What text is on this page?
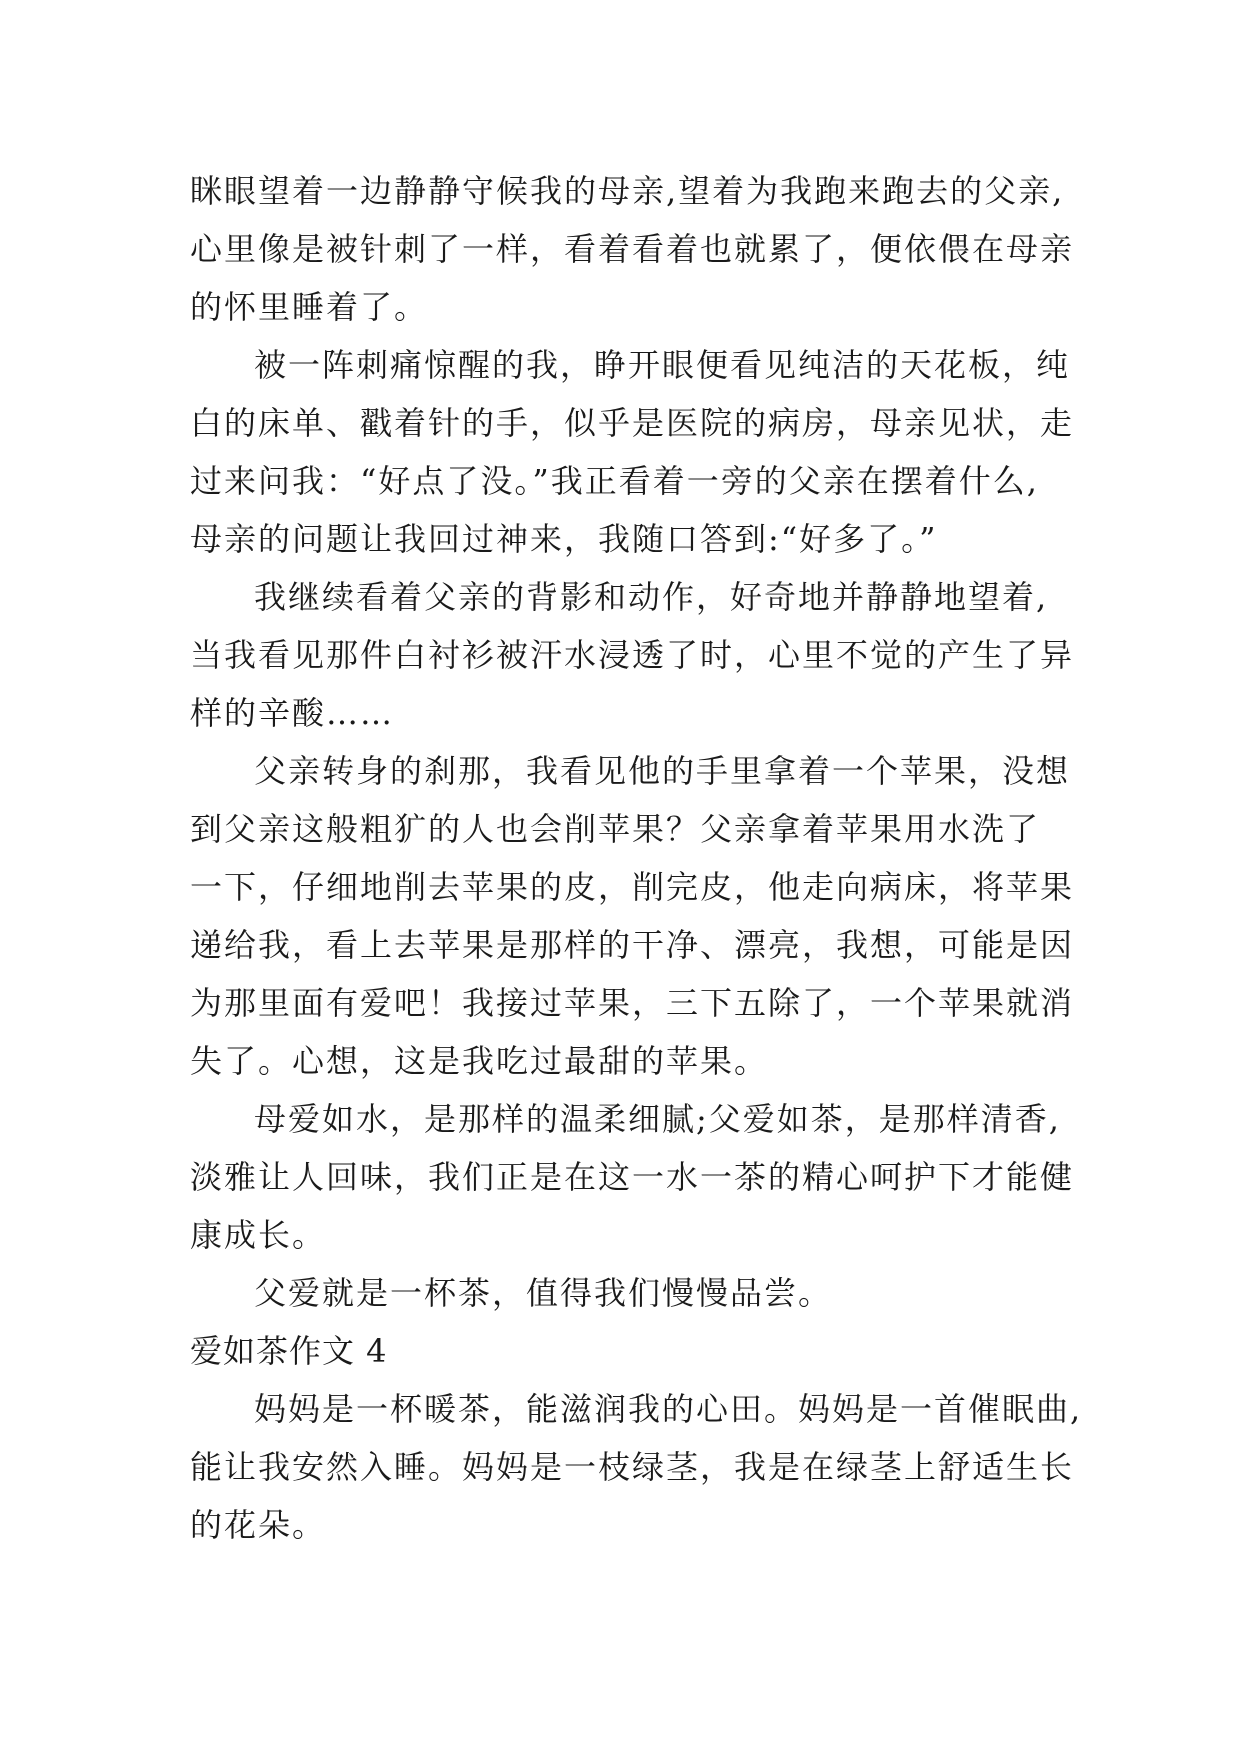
眯眼望着一边静静守候我的母亲,望着为我跑来跑去的父亲,
心里像是被针刺了一样，看着看着也就累了，便依偎在母亲
的怀里睡着了。
被一阵刺痛惊醒的我，睁开眼便看见纯洁的天花板，纯
白的床单、戳着针的手，似乎是医院的病房，母亲见状，走
过来问我：“好点了没。”我正看着一旁的父亲在摆着什么,
母亲的问题让我回过神来，我随口答到:“好多了。”
我继续看着父亲的背影和动作，好奇地并静静地望着,
当我看见那件白衬衫被汗水浸透了时，心里不觉的产生了异
样的辛酸……
父亲转身的刹那，我看见他的手里拿着一个苹果，没想
到父亲这般粗犷的人也会削苹果？父亲拿着苹果用水洗了
一下，仔细地削去苹果的皮，削完皮，他走向病床，将苹果
递给我，看上去苹果是那样的干净、漂亮，我想，可能是因
为那里面有爱吧！我接过苹果，三下五除了，一个苹果就消
失了。心想，这是我吃过最甜的苹果。
母爱如水，是那样的温柔细腻;父爱如茶，是那样清香,
淡雅让人回味，我们正是在这一水一茶的精心呵护下才能健
康成长。
父爱就是一杯茶，值得我们慢慢品尝。
爱如茶作文 4
妈妈是一杯暖茶，能滋润我的心田。妈妈是一首催眠曲,
能让我安然入睡。妈妈是一枝绿茎，我是在绿茎上舒适生长
的花朵。
